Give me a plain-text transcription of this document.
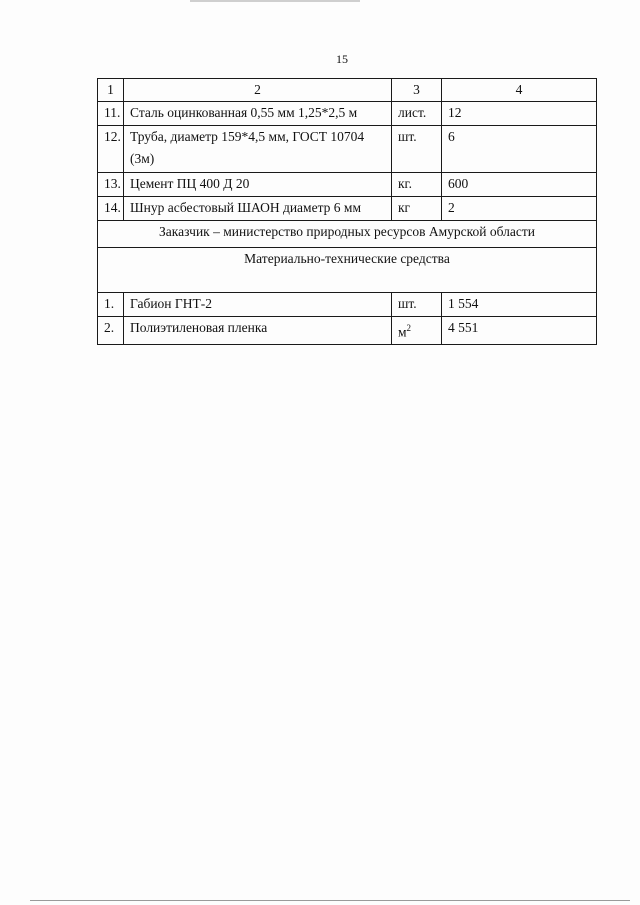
15
1	2	3	4
11.	Сталь оцинкованная 0,55 мм 1,25*2,5 м	лист.	12
12.	Труба, диаметр 159*4,5 мм, ГОСТ 10704 (3м)	шт.	6
13.	Цемент ПЦ 400 Д 20	кг.	600
14.	Шнур асбестовый ШАОН диаметр 6 мм	кг	2
Заказчик – министерство природных ресурсов Амурской области			
Материально-технические средства			
1.	Габион ГНТ-2	шт.	1 554
2.	Полиэтиленовая пленка	$м^2$	4 551
